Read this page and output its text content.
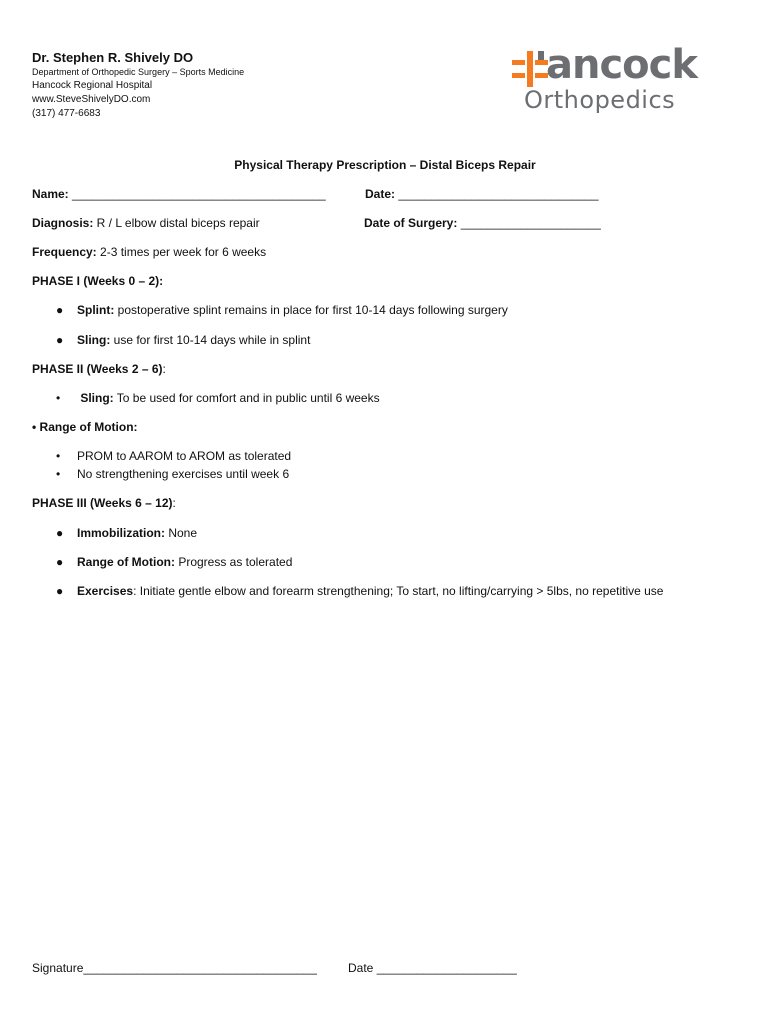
Dr. Stephen R. Shively DO
Department of Orthopedic Surgery – Sports Medicine
Hancock Regional Hospital
www.SteveShivelyDO.com
(317) 477-6683
ancock
Orthopedics
Physical Therapy Prescription – Distal Biceps Repair
Name: ______________________________________	Date: ______________________________
Diagnosis: R / L elbow distal biceps repair	Date of Surgery: _____________________
Frequency: 2-3 times per week for 6 weeks
PHASE I (Weeks 0 – 2):
● Splint: postoperative splint remains in place for first 10-14 days following surgery
● Sling: use for first 10-14 days while in splint
PHASE II (Weeks 2 – 6):
• Sling: To be used for comfort and in public until 6 weeks
• Range of Motion:
• PROM to AAROM to AROM as tolerated
• No strengthening exercises until week 6
PHASE III (Weeks 6 – 12):
● Immobilization: None
● Range of Motion: Progress as tolerated
● Exercises: Initiate gentle elbow and forearm strengthening; To start, no lifting/carrying > 5lbs, no repetitive use
Signature___________________________________	Date _____________________
